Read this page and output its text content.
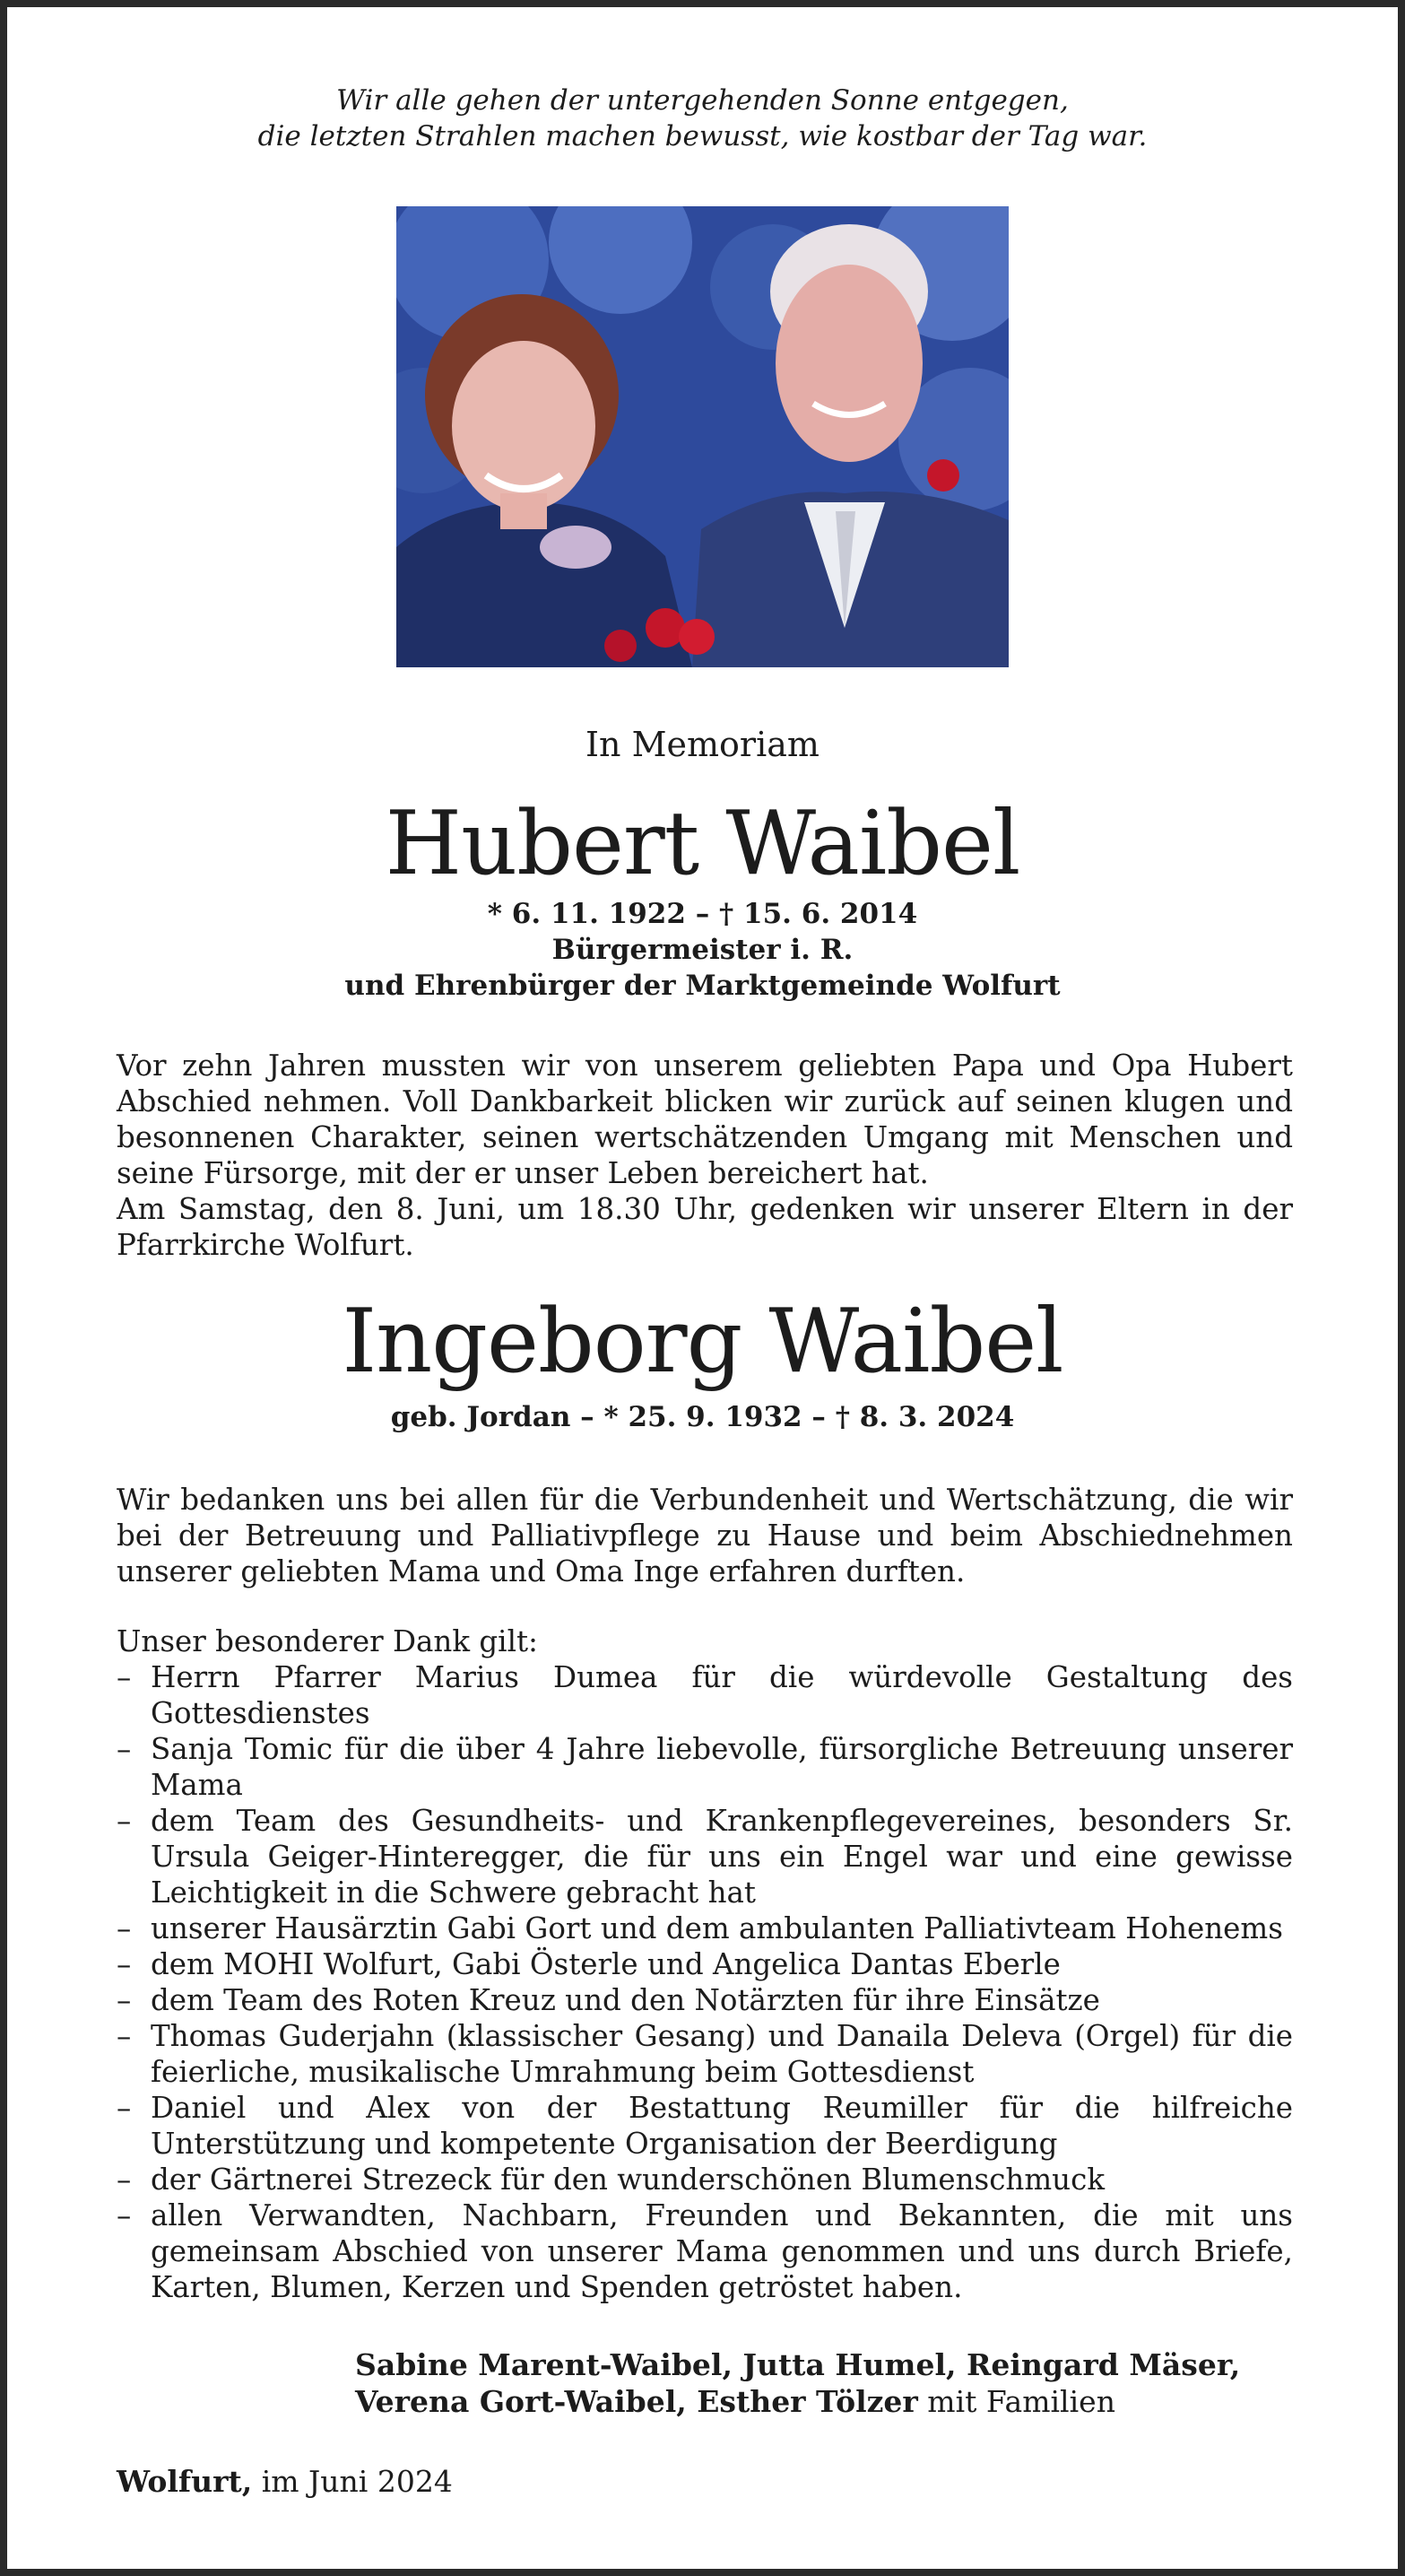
Wir alle gehen der untergehenden Sonne entgegen,
die letzten Strahlen machen bewusst, wie kostbar der Tag war.
In Memoriam
Hubert Waibel
* 6. 11. 1922 – † 15. 6. 2014
Bürgermeister i. R.
und Ehrenbürger der Marktgemeinde Wolfurt
Vor zehn Jahren mussten wir von unserem geliebten Papa und Opa Hubert Abschied nehmen. Voll Dankbarkeit blicken wir zurück auf seinen klugen und besonnenen Charakter, seinen wertschätzenden Umgang mit Menschen und seine Fürsorge, mit der er unser Leben bereichert hat.
Am Samstag, den 8. Juni, um 18.30 Uhr, gedenken wir unserer Eltern in der Pfarrkirche Wolfurt.
Ingeborg Waibel
geb. Jordan – * 25. 9. 1932 – † 8. 3. 2024
Wir bedanken uns bei allen für die Verbundenheit und Wertschätzung, die wir bei der Betreuung und Palliativpflege zu Hause und beim Abschiednehmen unserer geliebten Mama und Oma Inge erfahren durften.
Unser besonderer Dank gilt:
– Herrn Pfarrer Marius Dumea für die würdevolle Gestaltung des Gottesdienstes
– Sanja Tomic für die über 4 Jahre liebevolle, fürsorgliche Betreuung unserer Mama
– dem Team des Gesundheits- und Krankenpflegevereines, besonders Sr. Ursula Geiger-Hinteregger, die für uns ein Engel war und eine gewisse Leichtigkeit in die Schwere gebracht hat
– unserer Hausärztin Gabi Gort und dem ambulanten Palliativteam Hohenems
– dem MOHI Wolfurt, Gabi Österle und Angelica Dantas Eberle
– dem Team des Roten Kreuz und den Notärzten für ihre Einsätze
– Thomas Guderjahn (klassischer Gesang) und Danaila Deleva (Orgel) für die feierliche, musikalische Umrahmung beim Gottesdienst
– Daniel und Alex von der Bestattung Reumiller für die hilfreiche Unterstützung und kompetente Organisation der Beerdigung
– der Gärtnerei Strezeck für den wunderschönen Blumenschmuck
– allen Verwandten, Nachbarn, Freunden und Bekannten, die mit uns gemeinsam Abschied von unserer Mama genommen und uns durch Briefe, Karten, Blumen, Kerzen und Spenden getröstet haben.
Sabine Marent-Waibel, Jutta Humel, Reingard Mäser,
Verena Gort-Waibel, Esther Tölzer mit Familien
Wolfurt, im Juni 2024
